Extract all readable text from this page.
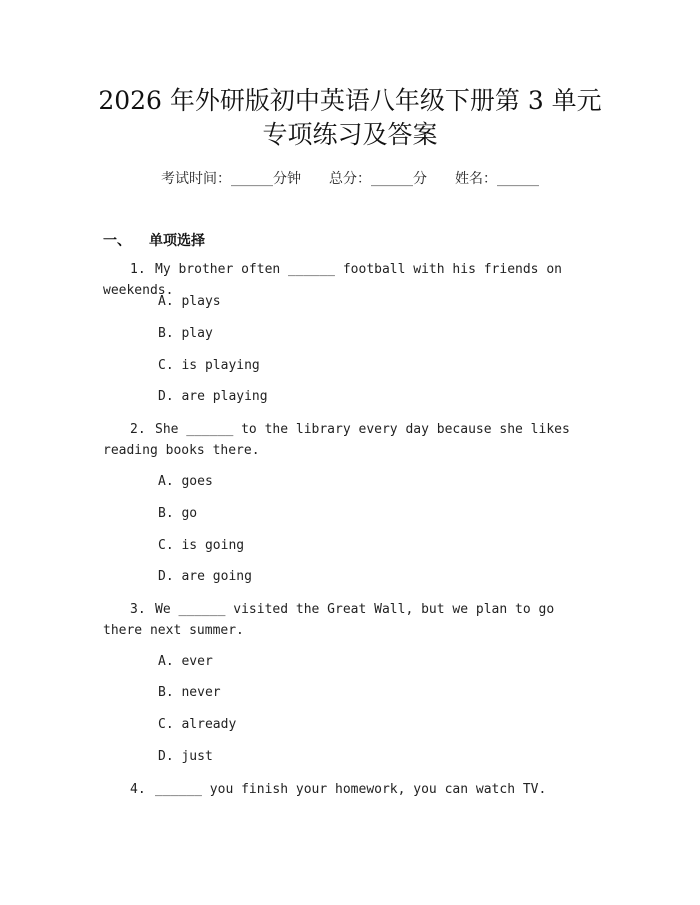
2026 年外研版初中英语八年级下册第 3 单元
专项练习及答案
考试时间：______分钟 总分：______分 姓名：______
一、 单项选择
1. My brother often ______ football with his friends on weekends.
A. plays
B. play
C. is playing
D. are playing
2. She ______ to the library every day because she likes reading books there.
A. goes
B. go
C. is going
D. are going
3. We ______ visited the Great Wall, but we plan to go there next summer.
A. ever
B. never
C. already
D. just
4. ______ you finish your homework, you can watch TV.
